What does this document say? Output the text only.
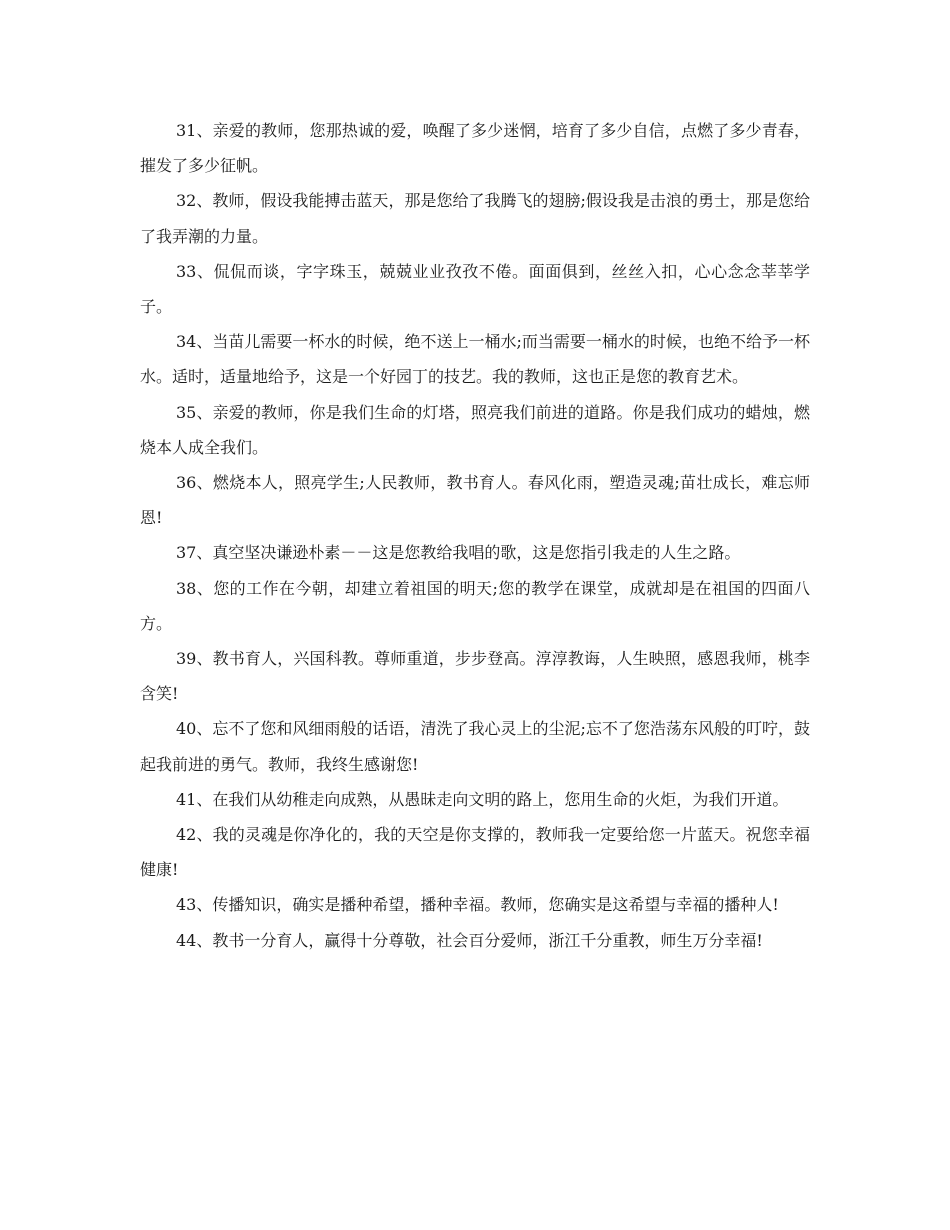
31、亲爱的教师，您那热诚的爱，唤醒了多少迷惘，培育了多少自信，点燃了多少青春，摧发了多少征帆。

32、教师，假设我能搏击蓝天，那是您给了我腾飞的翅膀;假设我是击浪的勇士，那是您给了我弄潮的力量。

33、侃侃而谈，字字珠玉，兢兢业业孜孜不倦。面面俱到，丝丝入扣，心心念念莘莘学子。

34、当苗儿需要一杯水的时候，绝不送上一桶水;而当需要一桶水的时候，也绝不给予一杯水。适时，适量地给予，这是一个好园丁的技艺。我的教师，这也正是您的教育艺术。

35、亲爱的教师，你是我们生命的灯塔，照亮我们前进的道路。你是我们成功的蜡烛，燃烧本人成全我们。

36、燃烧本人，照亮学生;人民教师，教书育人。春风化雨，塑造灵魂;苗壮成长，难忘师恩!

37、真空坚决谦逊朴素－－这是您教给我唱的歌，这是您指引我走的人生之路。

38、您的工作在今朝，却建立着祖国的明天;您的教学在课堂，成就却是在祖国的四面八方。

39、教书育人，兴国科教。尊师重道，步步登高。淳淳教诲，人生映照，感恩我师，桃李含笑!

40、忘不了您和风细雨般的话语，清洗了我心灵上的尘泥;忘不了您浩荡东风般的叮咛，鼓起我前进的勇气。教师，我终生感谢您!

41、在我们从幼稚走向成熟，从愚昧走向文明的路上，您用生命的火炬，为我们开道。

42、我的灵魂是你净化的，我的天空是你支撑的，教师我一定要给您一片蓝天。祝您幸福健康!

43、传播知识，确实是播种希望，播种幸福。教师，您确实是这希望与幸福的播种人!

44、教书一分育人，赢得十分尊敬，社会百分爱师，浙江千分重教，师生万分幸福!
